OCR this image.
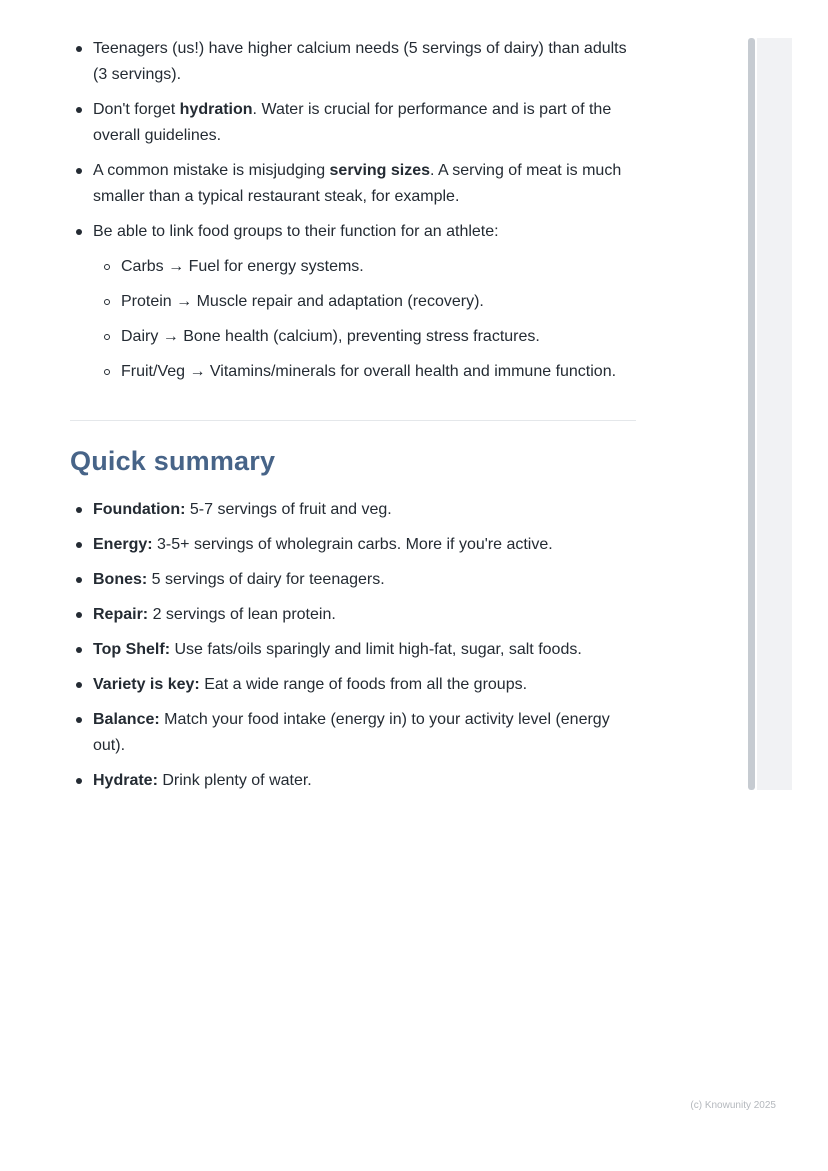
Teenagers (us!) have higher calcium needs (5 servings of dairy) than adults (3 servings).
Don't forget hydration. Water is crucial for performance and is part of the overall guidelines.
A common mistake is misjudging serving sizes. A serving of meat is much smaller than a typical restaurant steak, for example.
Be able to link food groups to their function for an athlete:
Carbs → Fuel for energy systems.
Protein → Muscle repair and adaptation (recovery).
Dairy → Bone health (calcium), preventing stress fractures.
Fruit/Veg → Vitamins/minerals for overall health and immune function.
Quick summary
Foundation: 5-7 servings of fruit and veg.
Energy: 3-5+ servings of wholegrain carbs. More if you're active.
Bones: 5 servings of dairy for teenagers.
Repair: 2 servings of lean protein.
Top Shelf: Use fats/oils sparingly and limit high-fat, sugar, salt foods.
Variety is key: Eat a wide range of foods from all the groups.
Balance: Match your food intake (energy in) to your activity level (energy out).
Hydrate: Drink plenty of water.
(c) Knowunity 2025
